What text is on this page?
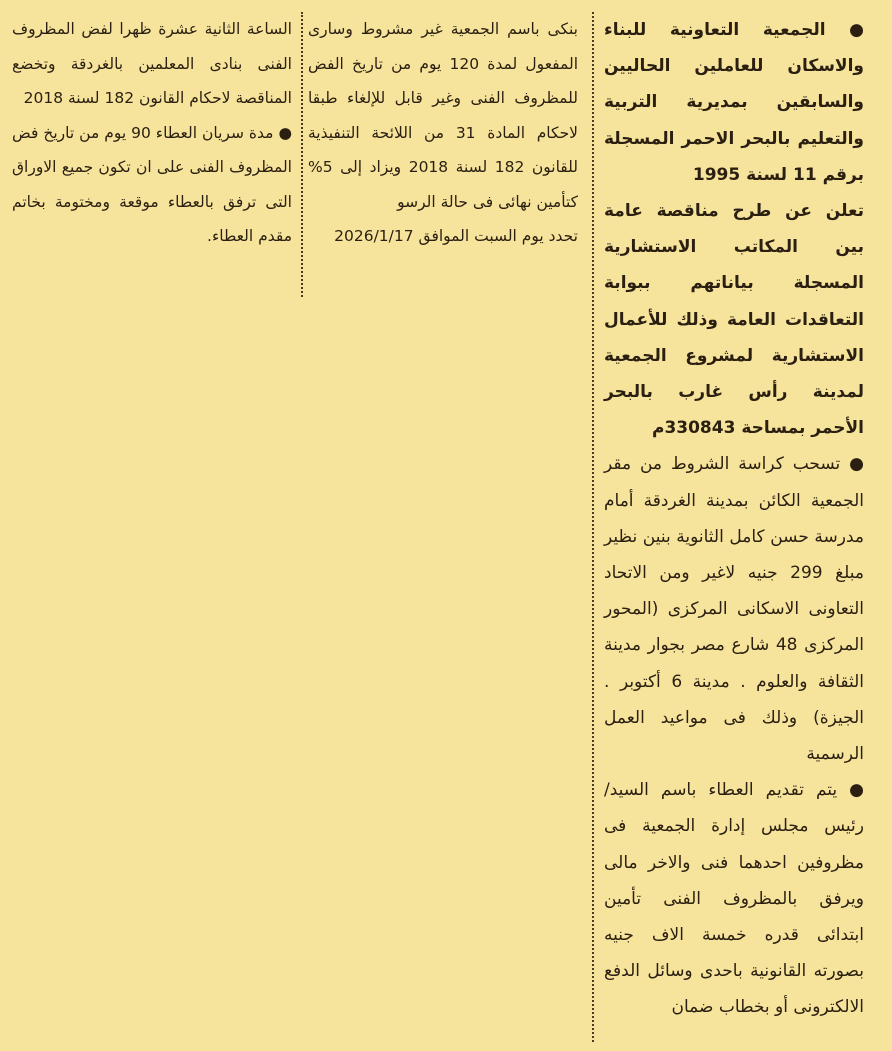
● الجمعية التعاونية للبناء والاسكان للعاملين الحاليين والسابقين بمديرية التربية والتعليم بالبحر الاحمر المسجلة برقم 11 لسنة 1995

تعلن عن طرح مناقصة عامة بين المكاتب الاستشارية المسجلة بياناتهم ببوابة التعاقدات العامة وذلك للأعمال الاستشارية لمشروع الجمعية لمدينة رأس غارب بالبحر الأحمر بمساحة 330843م

● تسحب كراسة الشروط من مقر الجمعية الكائن بمدينة الغردقة أمام مدرسة حسن كامل الثانوية بنين نظير مبلغ 299 جنيه لاغير ومن الاتحاد التعاونى الاسكانى المركزى (المحور المركزى 48 شارع مصر بجوار مدينة الثقافة والعلوم . مدينة 6 أكتوبر . الجيزة) وذلك فى مواعيد العمل الرسمية

● يتم تقديم العطاء باسم السيد/ رئيس مجلس إدارة الجمعية فى مظروفين احدهما فنى والاخر مالى ويرفق بالمظروف الفنى تأمين ابتدائى قدره خمسة الاف جنيه بصورته القانونية باحدى وسائل الدفع الالكترونى أو بخطاب ضمان

بنكى باسم الجمعية غير مشروط وسارى المفعول لمدة 120 يوم من تاريخ الفض للمظروف الفنى وغير قابل للإلغاء طبقا لاحكام المادة 31 من اللائحة التنفيذية للقانون 182 لسنة 2018 ويزاد إلى 5% كتأمين نهائى فى حالة الرسو

تحدد يوم السبت الموافق 2026/1/17

الساعة الثانية عشرة ظهرا لفض المظروف الفنى بنادى المعلمين بالغردقة وتخضع المناقصة لاحكام القانون 182 لسنة 2018

● مدة سريان العطاء 90 يوم من تاريخ فض المظروف الفنى على ان تكون جميع الاوراق التى ترفق بالعطاء موقعة ومختومة بخاتم مقدم العطاء.
